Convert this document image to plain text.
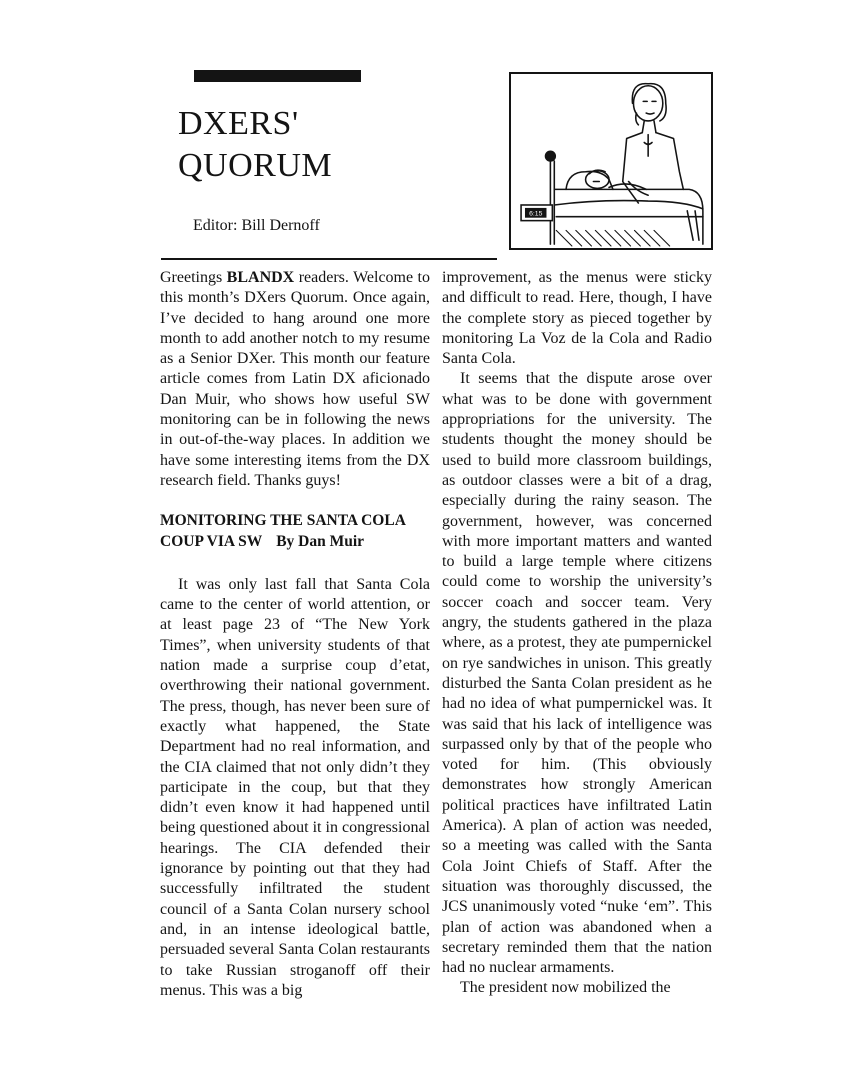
DXERS'
QUORUM
Editor: Bill Dernoff
6:15

Greetings BLANDX readers. Welcome to this month’s DXers Quorum. Once again, I’ve decided to hang around one more month to add another notch to my resume as a Senior DXer. This month our feature article comes from Latin DX aficionado Dan Muir, who shows how useful SW monitoring can be in following the news in out-of-the-way places. In addition we have some interesting items from the DX research field. Thanks guys!

MONITORING THE SANTA COLA COUP VIA SW By Dan Muir

It was only last fall that Santa Cola came to the center of world attention, or at least page 23 of “The New York Times”, when university students of that nation made a surprise coup d’etat, overthrowing their national government. The press, though, has never been sure of exactly what happened, the State Department had no real information, and the CIA claimed that not only didn’t they participate in the coup, but that they didn’t even know it had happened until being questioned about it in congressional hearings. The CIA defended their ignorance by pointing out that they had successfully infiltrated the student council of a Santa Colan nursery school and, in an intense ideological battle, persuaded several Santa Colan restaurants to take Russian stroganoff off their menus. This was a big

improvement, as the menus were sticky and difficult to read. Here, though, I have the complete story as pieced together by monitoring La Voz de la Cola and Radio Santa Cola.

It seems that the dispute arose over what was to be done with government appropriations for the university. The students thought the money should be used to build more classroom buildings, as outdoor classes were a bit of a drag, especially during the rainy season. The government, however, was concerned with more important matters and wanted to build a large temple where citizens could come to worship the university’s soccer coach and soccer team. Very angry, the students gathered in the plaza where, as a protest, they ate pumpernickel on rye sandwiches in unison. This greatly disturbed the Santa Colan president as he had no idea of what pumpernickel was. It was said that his lack of intelligence was surpassed only by that of the people who voted for him. (This obviously demonstrates how strongly American political practices have infiltrated Latin America). A plan of action was needed, so a meeting was called with the Santa Cola Joint Chiefs of Staff. After the situation was thoroughly discussed, the JCS unanimously voted “nuke ‘em”. This plan of action was abandoned when a secretary reminded them that the nation had no nuclear armaments.

The president now mobilized the
